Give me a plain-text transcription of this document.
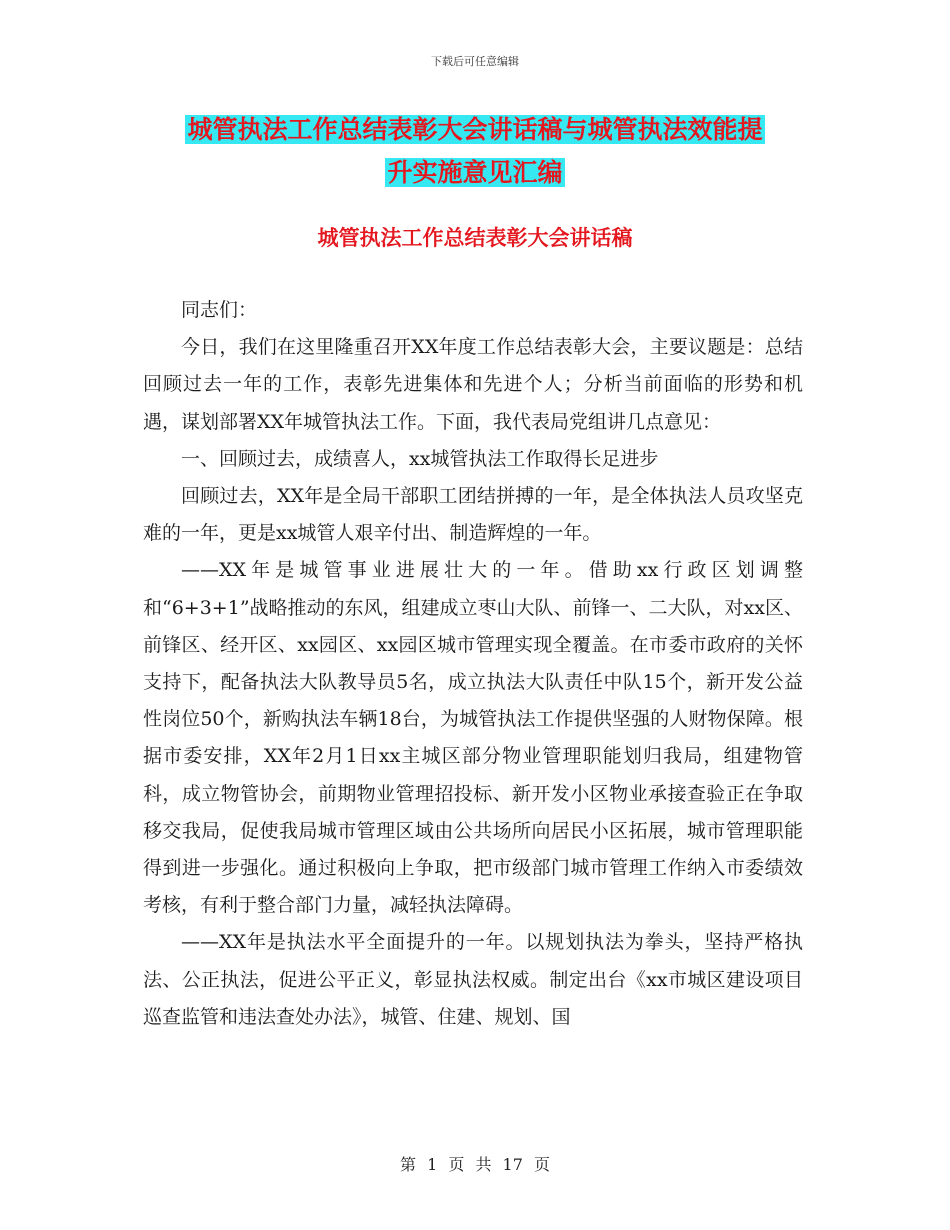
下载后可任意编辑
城管执法工作总结表彰大会讲话稿与城管执法效能提
升实施意见汇编
城管执法工作总结表彰大会讲话稿

同志们：

今日，我们在这里隆重召开XX年度工作总结表彰大会，主要议题是：总结回顾过去一年的工作，表彰先进集体和先进个人；分析当前面临的形势和机遇，谋划部署XX年城管执法工作。下面，我代表局党组讲几点意见：

一、回顾过去，成绩喜人，xx城管执法工作取得长足进步

回顾过去，XX年是全局干部职工团结拼搏的一年，是全体执法人员攻坚克难的一年，更是xx城管人艰辛付出、制造辉煌的一年。

——XX年是城管事业进展壮大的一年。借助xx行政区划调整和“6+3+1”战略推动的东风，组建成立枣山大队、前锋一、二大队，对xx区、前锋区、经开区、xx园区、xx园区城市管理实现全覆盖。在市委市政府的关怀支持下，配备执法大队教导员5名，成立执法大队责任中队15个，新开发公益性岗位50个，新购执法车辆18台，为城管执法工作提供坚强的人财物保障。根据市委安排，XX年2月1日xx主城区部分物业管理职能划归我局，组建物管科，成立物管协会，前期物业管理招投标、新开发小区物业承接查验正在争取移交我局，促使我局城市管理区域由公共场所向居民小区拓展，城市管理职能得到进一步强化。通过积极向上争取，把市级部门城市管理工作纳入市委绩效考核，有利于整合部门力量，减轻执法障碍。

——XX年是执法水平全面提升的一年。以规划执法为拳头，坚持严格执法、公正执法，促进公平正义，彰显执法权威。制定出台《xx市城区建设项目巡查监管和违法查处办法》，城管、住建、规划、国

第 1 页 共 17 页
